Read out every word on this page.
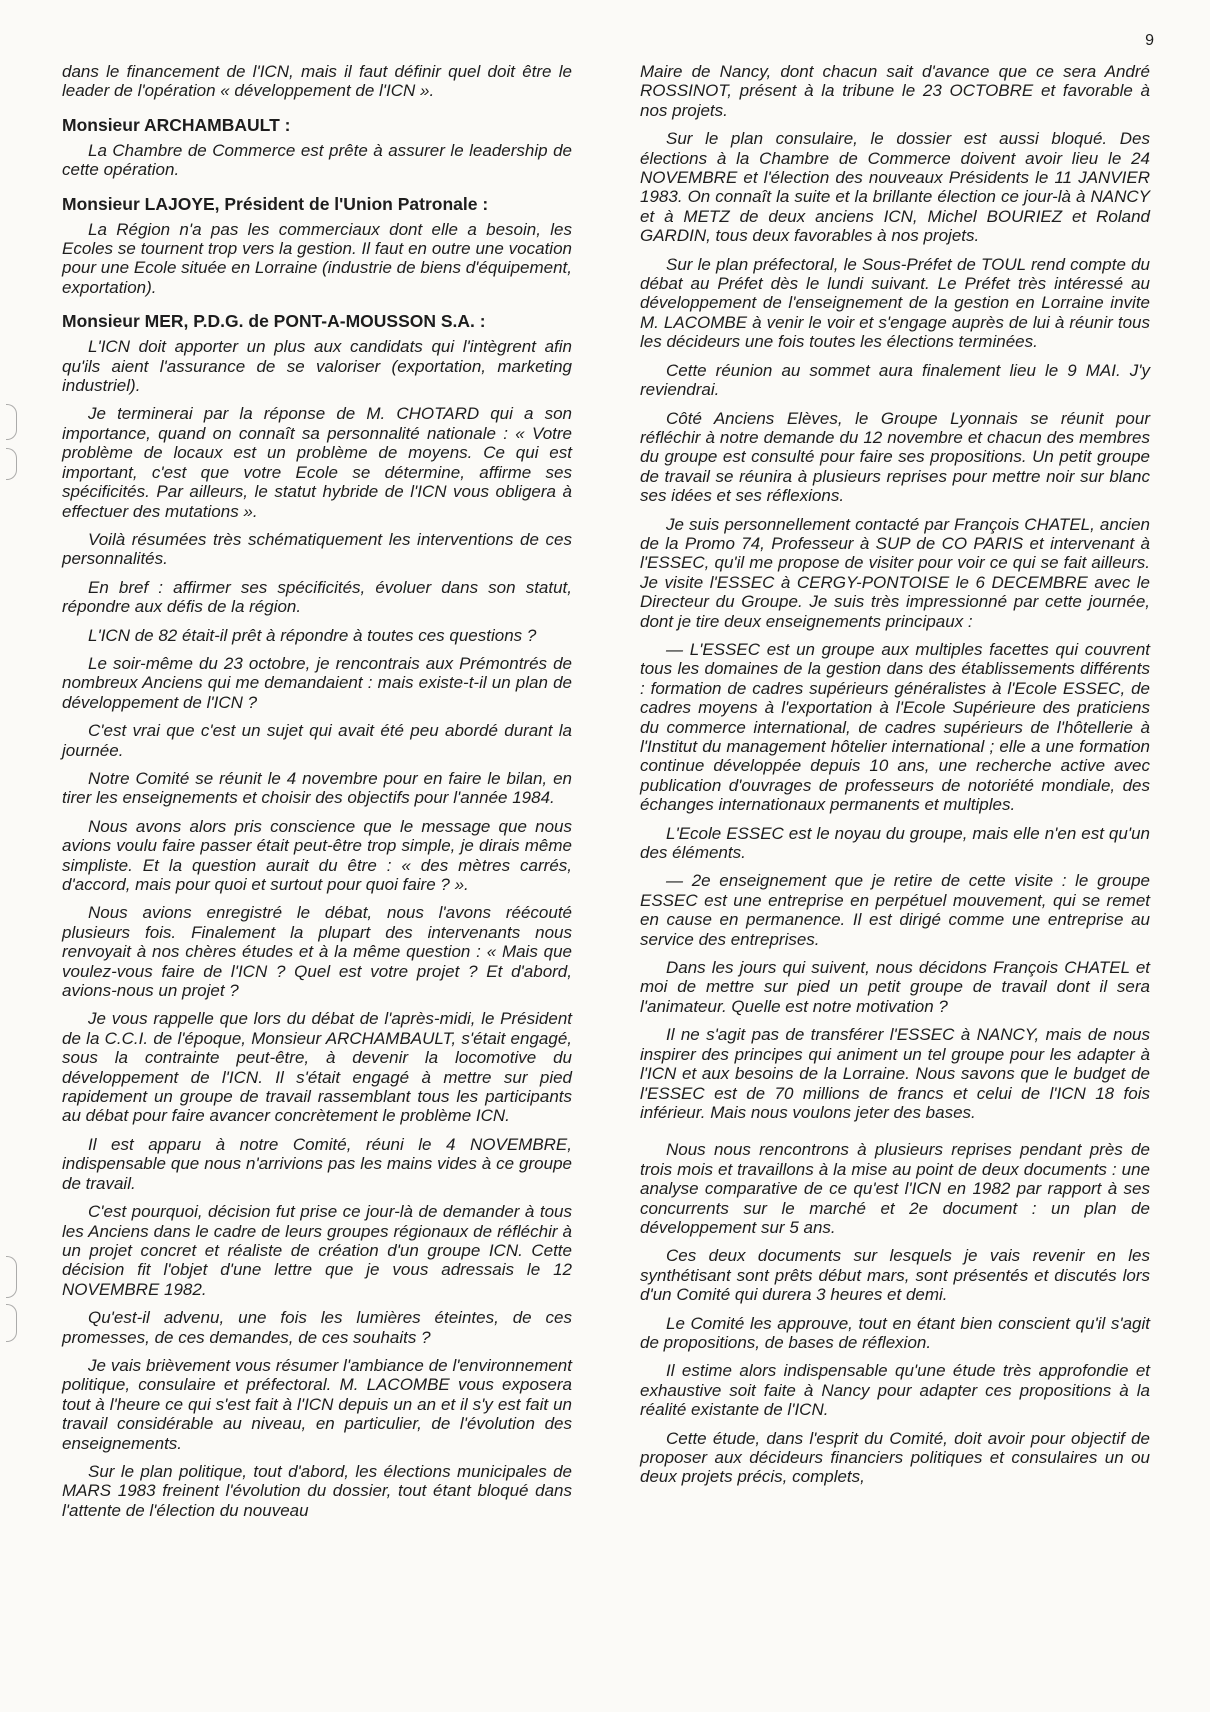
9

dans le financement de l'ICN, mais il faut définir quel doit être le leader de l'opération « développement de l'ICN ».

Monsieur ARCHAMBAULT :

La Chambre de Commerce est prête à assurer le leadership de cette opération.

Monsieur LAJOYE, Président de l'Union Patronale :

La Région n'a pas les commerciaux dont elle a besoin, les Ecoles se tournent trop vers la gestion. Il faut en outre une vocation pour une Ecole située en Lorraine (industrie de biens d'équipement, exportation).

Monsieur MER, P.D.G. de PONT-A-MOUSSON S.A. :

L'ICN doit apporter un plus aux candidats qui l'intègrent afin qu'ils aient l'assurance de se valoriser (exportation, marketing industriel).

Je terminerai par la réponse de M. CHOTARD qui a son importance, quand on connaît sa personnalité nationale : « Votre problème de locaux est un problème de moyens. Ce qui est important, c'est que votre Ecole se détermine, affirme ses spécificités. Par ailleurs, le statut hybride de l'ICN vous obligera à effectuer des mutations ».

Voilà résumées très schématiquement les interventions de ces personnalités.

En bref : affirmer ses spécificités, évoluer dans son statut, répondre aux défis de la région.

L'ICN de 82 était-il prêt à répondre à toutes ces questions ?

Le soir-même du 23 octobre, je rencontrais aux Prémontrés de nombreux Anciens qui me demandaient : mais existe-t-il un plan de développement de l'ICN ?

C'est vrai que c'est un sujet qui avait été peu abordé durant la journée.

Notre Comité se réunit le 4 novembre pour en faire le bilan, en tirer les enseignements et choisir des objectifs pour l'année 1984.

Nous avons alors pris conscience que le message que nous avions voulu faire passer était peut-être trop simple, je dirais même simpliste. Et la question aurait du être : « des mètres carrés, d'accord, mais pour quoi et surtout pour quoi faire ? ».

Nous avions enregistré le débat, nous l'avons réécouté plusieurs fois. Finalement la plupart des intervenants nous renvoyait à nos chères études et à la même question : « Mais que voulez-vous faire de l'ICN ? Quel est votre projet ? Et d'abord, avions-nous un projet ?

Je vous rappelle que lors du débat de l'après-midi, le Président de la C.C.I. de l'époque, Monsieur ARCHAMBAULT, s'était engagé, sous la contrainte peut-être, à devenir la locomotive du développement de l'ICN. Il s'était engagé à mettre sur pied rapidement un groupe de travail rassemblant tous les participants au débat pour faire avancer concrètement le problème ICN.

Il est apparu à notre Comité, réuni le 4 NOVEMBRE, indispensable que nous n'arrivions pas les mains vides à ce groupe de travail.

C'est pourquoi, décision fut prise ce jour-là de demander à tous les Anciens dans le cadre de leurs groupes régionaux de réfléchir à un projet concret et réaliste de création d'un groupe ICN. Cette décision fit l'objet d'une lettre que je vous adressais le 12 NOVEMBRE 1982.

Qu'est-il advenu, une fois les lumières éteintes, de ces promesses, de ces demandes, de ces souhaits ?

Je vais brièvement vous résumer l'ambiance de l'environnement politique, consulaire et préfectoral. M. LACOMBE vous exposera tout à l'heure ce qui s'est fait à l'ICN depuis un an et il s'y est fait un travail considérable au niveau, en particulier, de l'évolution des enseignements.

Sur le plan politique, tout d'abord, les élections municipales de MARS 1983 freinent l'évolution du dossier, tout étant bloqué dans l'attente de l'élection du nouveau

Maire de Nancy, dont chacun sait d'avance que ce sera André ROSSINOT, présent à la tribune le 23 OCTOBRE et favorable à nos projets.

Sur le plan consulaire, le dossier est aussi bloqué. Des élections à la Chambre de Commerce doivent avoir lieu le 24 NOVEMBRE et l'élection des nouveaux Présidents le 11 JANVIER 1983. On connaît la suite et la brillante élection ce jour-là à NANCY et à METZ de deux anciens ICN, Michel BOURIEZ et Roland GARDIN, tous deux favorables à nos projets.

Sur le plan préfectoral, le Sous-Préfet de TOUL rend compte du débat au Préfet dès le lundi suivant. Le Préfet très intéressé au développement de l'enseignement de la gestion en Lorraine invite M. LACOMBE à venir le voir et s'engage auprès de lui à réunir tous les décideurs une fois toutes les élections terminées.

Cette réunion au sommet aura finalement lieu le 9 MAI. J'y reviendrai.

Côté Anciens Elèves, le Groupe Lyonnais se réunit pour réfléchir à notre demande du 12 novembre et chacun des membres du groupe est consulté pour faire ses propositions. Un petit groupe de travail se réunira à plusieurs reprises pour mettre noir sur blanc ses idées et ses réflexions.

Je suis personnellement contacté par François CHATEL, ancien de la Promo 74, Professeur à SUP de CO PARIS et intervenant à l'ESSEC, qu'il me propose de visiter pour voir ce qui se fait ailleurs. Je visite l'ESSEC à CERGY-PONTOISE le 6 DECEMBRE avec le Directeur du Groupe. Je suis très impressionné par cette journée, dont je tire deux enseignements principaux :

— L'ESSEC est un groupe aux multiples facettes qui couvrent tous les domaines de la gestion dans des établissements différents : formation de cadres supérieurs généralistes à l'Ecole ESSEC, de cadres moyens à l'exportation à l'Ecole Supérieure des praticiens du commerce international, de cadres supérieurs de l'hôtellerie à l'Institut du management hôtelier international ; elle a une formation continue développée depuis 10 ans, une recherche active avec publication d'ouvrages de professeurs de notoriété mondiale, des échanges internationaux permanents et multiples.

L'Ecole ESSEC est le noyau du groupe, mais elle n'en est qu'un des éléments.

— 2e enseignement que je retire de cette visite : le groupe ESSEC est une entreprise en perpétuel mouvement, qui se remet en cause en permanence. Il est dirigé comme une entreprise au service des entreprises.

Dans les jours qui suivent, nous décidons François CHATEL et moi de mettre sur pied un petit groupe de travail dont il sera l'animateur. Quelle est notre motivation ?

Il ne s'agit pas de transférer l'ESSEC à NANCY, mais de nous inspirer des principes qui animent un tel groupe pour les adapter à l'ICN et aux besoins de la Lorraine. Nous savons que le budget de l'ESSEC est de 70 millions de francs et celui de l'ICN 18 fois inférieur. Mais nous voulons jeter des bases.

Nous nous rencontrons à plusieurs reprises pendant près de trois mois et travaillons à la mise au point de deux documents : une analyse comparative de ce qu'est l'ICN en 1982 par rapport à ses concurrents sur le marché et 2e document : un plan de développement sur 5 ans.

Ces deux documents sur lesquels je vais revenir en les synthétisant sont prêts début mars, sont présentés et discutés lors d'un Comité qui durera 3 heures et demi.

Le Comité les approuve, tout en étant bien conscient qu'il s'agit de propositions, de bases de réflexion.

Il estime alors indispensable qu'une étude très approfondie et exhaustive soit faite à Nancy pour adapter ces propositions à la réalité existante de l'ICN.

Cette étude, dans l'esprit du Comité, doit avoir pour objectif de proposer aux décideurs financiers politiques et consulaires un ou deux projets précis, complets,
